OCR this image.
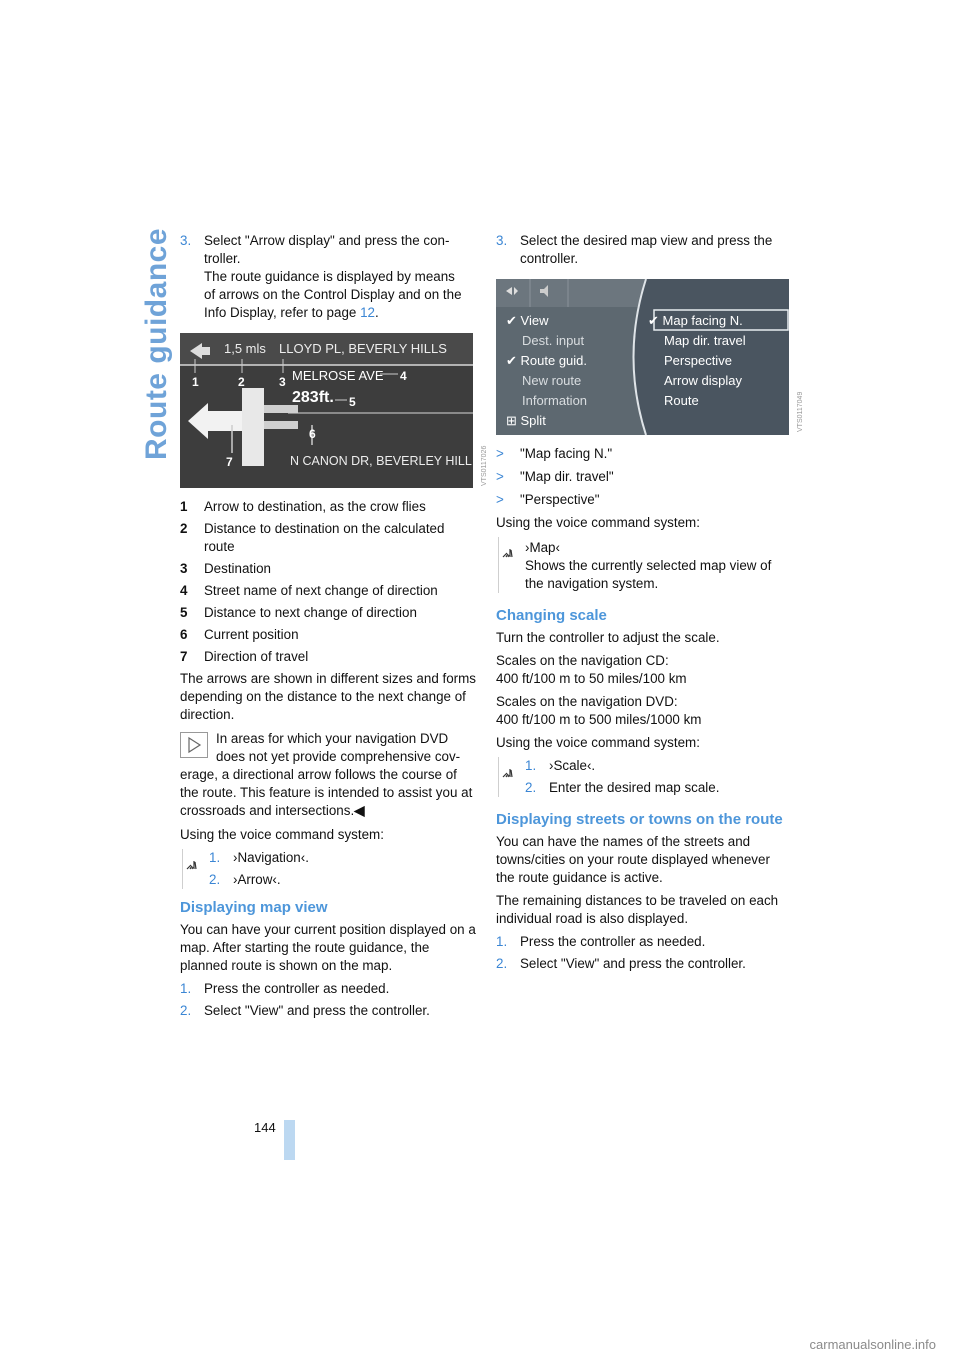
Route guidance 3. Select "Arrow display" and press the con-
troller.
The route guidance is displayed by means
of arrows on the Control Display and on the
Info Display, refer to page 12.
1,5 mls LLOYD PL, BEVERLY HILLS
MELROSE AVE
283ft.
N CANON DR, BEVERLEY HILL
1	2	3	4
5
6
7	VTS0117026
1 Arrow to destination, as the crow flies
2 Distance to destination on the calculated route
3 Destination
4 Street name of next change of direction
5 Distance to next change of direction
6 Current position
7 Direction of travel

The arrows are shown in different sizes and forms depending on the distance to the next change of direction.

In areas for which your navigation DVD
does not yet provide comprehensive cov-
erage, a directional arrow follows the course of the route. This feature is intended to assist you at crossroads and intersections.◀

Using the voice command system:

1. ›Navigation‹.
2. ›Arrow‹.
Displaying map view

You can have your current position displayed on a map. After starting the route guidance, the planned route is shown on the map.

1. Press the controller as needed.
2. Select "View" and press the controller.
3. Select the desired map view and press the controller.
✔ View
Dest. input
✔ Route guid.
New route
Information
⊞ Split
✔ Map facing N.
Map dir. travel
Perspective
Arrow display
Route	VTS0117049
> "Map facing N."
> "Map dir. travel"
> "Perspective"

Using the voice command system:

›Map‹
Shows the currently selected map view of the navigation system.
Changing scale

Turn the controller to adjust the scale.

Scales on the navigation CD:

400 ft/100 m to 50 miles/100 km

Scales on the navigation DVD:

400 ft/100 m to 500 miles/1000 km

Using the voice command system:

1. ›Scale‹.
2. Enter the desired map scale.
Displaying streets or towns on the route

You can have the names of the streets and towns/cities on your route displayed whenever the route guidance is active.

The remaining distances to be traveled on each individual road is also displayed.

1. Press the controller as needed.
2. Select "View" and press the controller.
144
carmanualsonline.info
